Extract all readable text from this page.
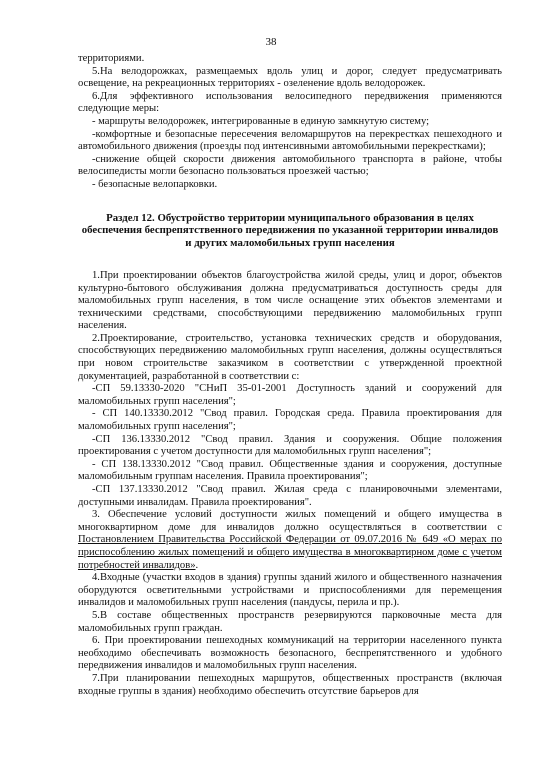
38

территориями.

5.На велодорожках, размещаемых вдоль улиц и дорог, следует предусматривать освещение, на рекреационных территориях - озеленение вдоль велодорожек.

6.Для эффективного использования велосипедного передвижения применяются следующие меры:

- маршруты велодорожек, интегрированные в единую замкнутую систему;

-комфортные и безопасные пересечения веломаршрутов на перекрестках пешеходного и автомобильного движения (проезды под интенсивными автомобильными перекрестками);

-снижение общей скорости движения автомобильного транспорта в районе, чтобы велосипедисты могли безопасно пользоваться проезжей частью;

- безопасные велопарковки.

Раздел 12. Обустройство территории муниципального образования в целях обеспечения беспрепятственного передвижения по указанной территории инвалидов и других маломобильных групп населения

1.При проектировании объектов благоустройства жилой среды, улиц и дорог, объектов культурно-бытового обслуживания должна предусматриваться доступность среды для маломобильных групп населения, в том числе оснащение этих объектов элементами и техническими средствами, способствующими передвижению маломобильных групп населения.

2.Проектирование, строительство, установка технических средств и оборудования, способствующих передвижению маломобильных групп населения, должны осуществляться при новом строительстве заказчиком в соответствии с утвержденной проектной документацией, разработанной в соответствии с:

-СП 59.13330-2020 "СНиП 35-01-2001 Доступность зданий и сооружений для маломобильных групп населения";

- СП 140.13330.2012 "Свод правил. Городская среда. Правила проектирования для маломобильных групп населения";

-СП 136.13330.2012 "Свод правил. Здания и сооружения. Общие положения проектирования с учетом доступности для маломобильных групп населения";

- СП 138.13330.2012 "Свод правил. Общественные здания и сооружения, доступные маломобильным группам населения. Правила проектирования";

-СП 137.13330.2012 "Свод правил. Жилая среда с планировочными элементами, доступными инвалидам. Правила проектирования".

3. Обеспечение условий доступности жилых помещений и общего имущества в многоквартирном доме для инвалидов должно осуществляться в соответствии с Постановлением Правительства Российской Федерации от 09.07.2016 № 649 «О мерах по приспособлению жилых помещений и общего имущества в многоквартирном доме с учетом потребностей инвалидов».

4.Входные (участки входов в здания) группы зданий жилого и общественного назначения оборудуются осветительными устройствами и приспособлениями для перемещения инвалидов и маломобильных групп населения (пандусы, перила и пр.).

5.В составе общественных пространств резервируются парковочные места для маломобильных групп граждан.

6. При проектировании пешеходных коммуникаций на территории населенного пункта необходимо обеспечивать возможность безопасного, беспрепятственного и удобного передвижения инвалидов и маломобильных групп населения.

7.При планировании пешеходных маршрутов, общественных пространств (включая входные группы в здания) необходимо обеспечить отсутствие барьеров для
